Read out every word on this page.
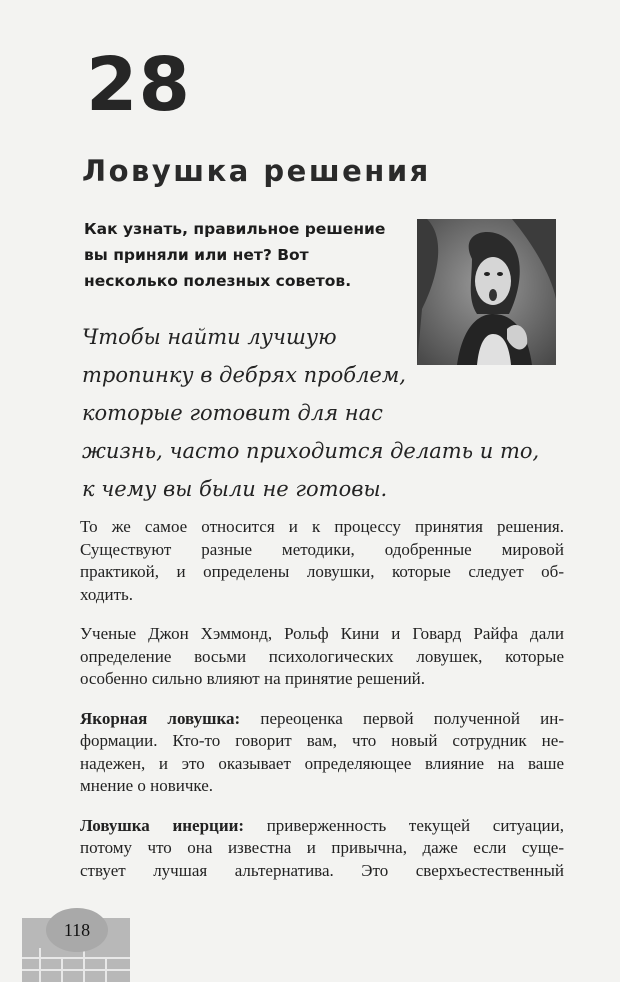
28
Ловушка решения
Как узнать, правильное решение
вы приняли или нет? Вот
несколько полезных советов.
Чтобы найти лучшую
тропинку в дебрях проблем,
которые готовит для нас
жизнь, часто приходится делать и то,
к чему вы были не готовы.
То же самое относится и к процессу принятия решения.
Существуют разные методики, одобренные мировой
практикой, и определены ловушки, которые следует об-
ходить.
Ученые Джон Хэммонд, Рольф Кини и Говард Райфа дали
определение восьми психологических ловушек, которые
особенно сильно влияют на принятие решений.
Якорная ловушка: переоценка первой полученной ин-
формации. Кто-то говорит вам, что новый сотрудник не-
надежен, и это оказывает определяющее влияние на ваше
мнение о новичке.
Ловушка инерции: приверженность текущей ситуации,
потому что она известна и привычна, даже если суще-
ствует лучшая альтернатива. Это сверхъестественный
118
